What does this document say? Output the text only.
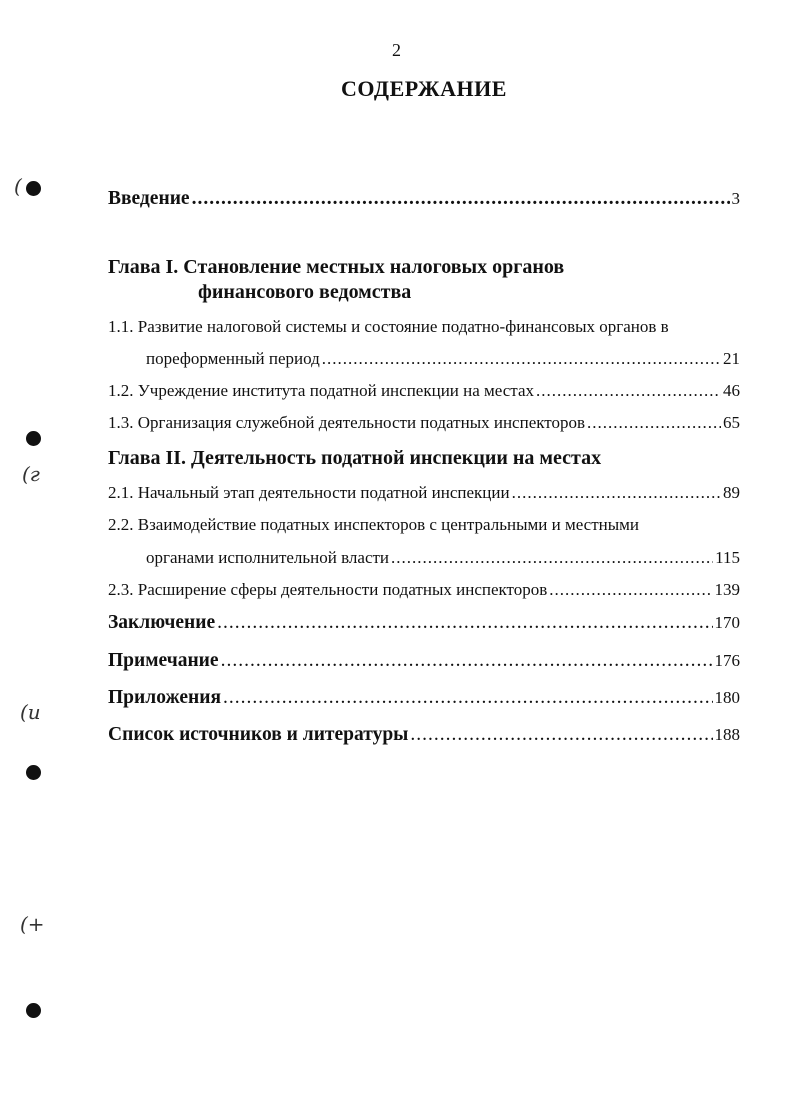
(
(г
(и
(+
2
СОДЕРЖАНИЕ
Введение .....	3
Глава I. Становление местных налоговых органов
финансового ведомства
1.1. Развитие налоговой системы и состояние податно-финансовых органов в
пореформенный период .....	21
1.2. Учреждение института податной инспекции на местах .....	46
1.3. Организация служебной деятельности податных инспекторов .....	65
Глава II. Деятельность податной инспекции на местах
2.1. Начальный этап деятельности податной инспекции .....	89
2.2. Взаимодействие податных инспекторов с центральными и местными
органами исполнительной власти .....	115
2.3. Расширение сферы деятельности податных инспекторов .....	139
Заключение .....	170
Примечание .....	176
Приложения .....	180
Список источников и литературы .....	188
